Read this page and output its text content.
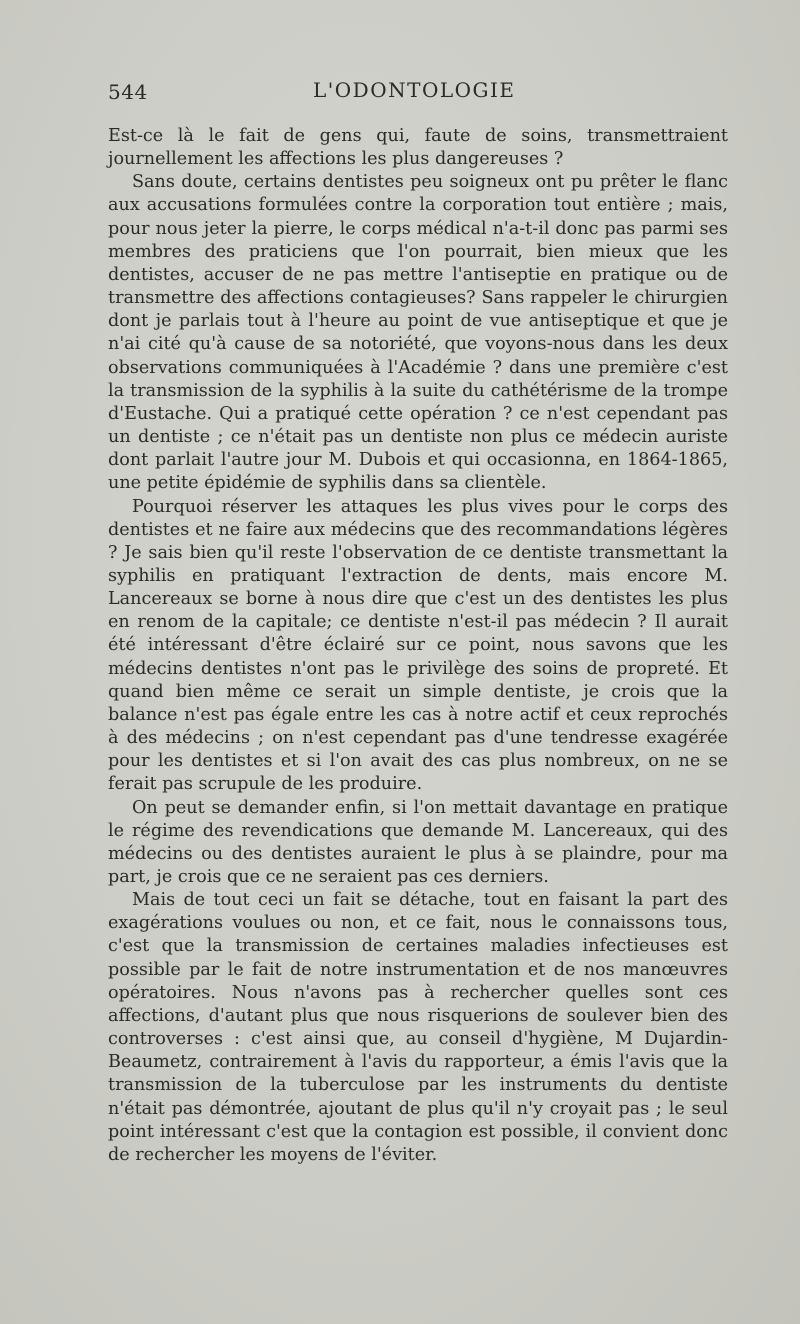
544	L'ODONTOLOGIE

Est-ce là le fait de gens qui, faute de soins, transmettraient journellement les affections les plus dangereuses ?

Sans doute, certains dentistes peu soigneux ont pu prêter le flanc aux accusations formulées contre la corporation tout entière ; mais, pour nous jeter la pierre, le corps médical n'a-t-il donc pas parmi ses membres des praticiens que l'on pourrait, bien mieux que les dentistes, accuser de ne pas mettre l'antiseptie en pratique ou de transmettre des affections contagieuses? Sans rappeler le chirurgien dont je parlais tout à l'heure au point de vue antiseptique et que je n'ai cité qu'à cause de sa notoriété, que voyons-nous dans les deux observations communiquées à l'Académie ? dans une première c'est la transmission de la syphilis à la suite du cathétérisme de la trompe d'Eustache. Qui a pratiqué cette opération ? ce n'est cependant pas un dentiste ; ce n'était pas un dentiste non plus ce médecin auriste dont parlait l'autre jour M. Dubois et qui occasionna, en 1864-1865, une petite épidémie de syphilis dans sa clientèle.

Pourquoi réserver les attaques les plus vives pour le corps des dentistes et ne faire aux médecins que des recommandations légères ? Je sais bien qu'il reste l'observation de ce dentiste transmettant la syphilis en pratiquant l'extraction de dents, mais encore M. Lancereaux se borne à nous dire que c'est un des dentistes les plus en renom de la capitale; ce dentiste n'est-il pas médecin ? Il aurait été intéressant d'être éclairé sur ce point, nous savons que les médecins dentistes n'ont pas le privilège des soins de propreté. Et quand bien même ce serait un simple dentiste, je crois que la balance n'est pas égale entre les cas à notre actif et ceux reprochés à des médecins ; on n'est cependant pas d'une tendresse exagérée pour les dentistes et si l'on avait des cas plus nombreux, on ne se ferait pas scrupule de les produire.

On peut se demander enfin, si l'on mettait davantage en pratique le régime des revendications que demande M. Lancereaux, qui des médecins ou des dentistes auraient le plus à se plaindre, pour ma part, je crois que ce ne seraient pas ces derniers.

Mais de tout ceci un fait se détache, tout en faisant la part des exagérations voulues ou non, et ce fait, nous le connaissons tous, c'est que la transmission de certaines maladies infectieuses est possible par le fait de notre instrumentation et de nos manœuvres opératoires. Nous n'avons pas à rechercher quelles sont ces affections, d'autant plus que nous risquerions de soulever bien des controverses : c'est ainsi que, au conseil d'hygiène, M Dujardin-Beaumetz, contrairement à l'avis du rapporteur, a émis l'avis que la transmission de la tuberculose par les instruments du dentiste n'était pas démontrée, ajoutant de plus qu'il n'y croyait pas ; le seul point intéressant c'est que la contagion est possible, il convient donc de rechercher les moyens de l'éviter.
